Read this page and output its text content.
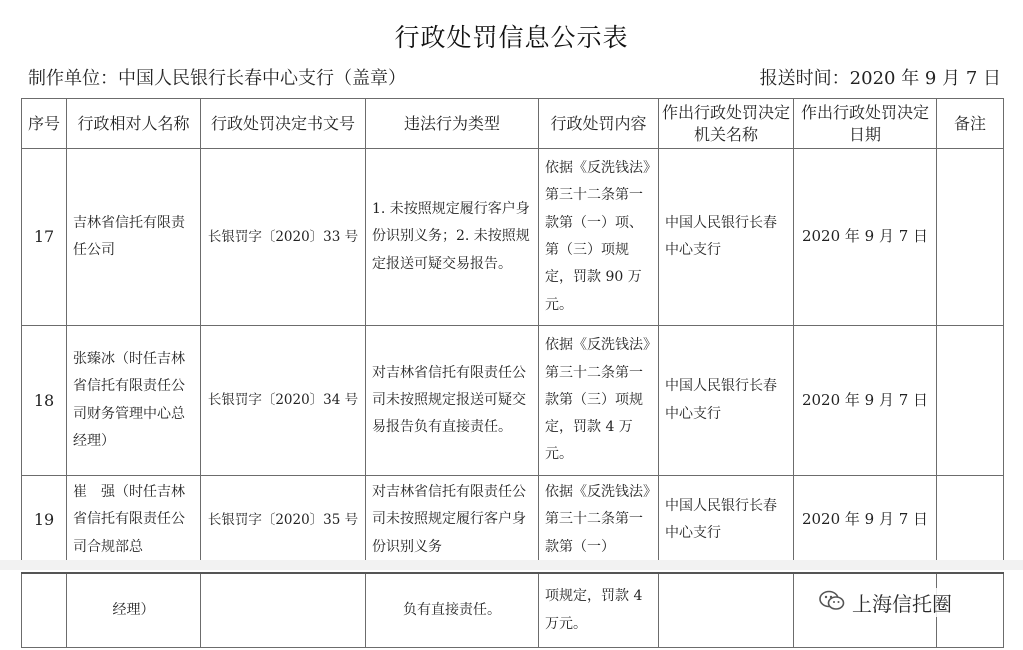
行政处罚信息公示表
制作单位：中国人民银行长春中心支行（盖章）	报送时间：2020 年 9 月 7 日
序号	行政相对人名称	行政处罚决定书文号	违法行为类型	行政处罚内容	作出行政处罚决定机关名称	作出行政处罚决定日期	备注
17	吉林省信托有限责任公司	长银罚字〔2020〕33 号	1. 未按照规定履行客户身份识别义务；2. 未按照规定报送可疑交易报告。	依据《反洗钱法》第三十二条第一款第（一）项、第（三）项规定，罚款 90 万元。	中国人民银行长春中心支行	2020 年 9 月 7 日	
18	张臻冰（时任吉林省信托有限责任公司财务管理中心总经理）	长银罚字〔2020〕34 号	对吉林省信托有限责任公司未按照规定报送可疑交易报告负有直接责任。	依据《反洗钱法》第三十二条第一款第（三）项规定，罚款 4 万元。	中国人民银行长春中心支行	2020 年 9 月 7 日	
19	崔　强（时任吉林省信托有限责任公司合规部总	长银罚字〔2020〕35 号	对吉林省信托有限责任公司未按照规定履行客户身份识别义务	依据《反洗钱法》第三十二条第一款第（一）	中国人民银行长春中心支行	2020 年 9 月 7 日	
	经理）		负有直接责任。	项规定，罚款 4 万元。			
上海信托圈
